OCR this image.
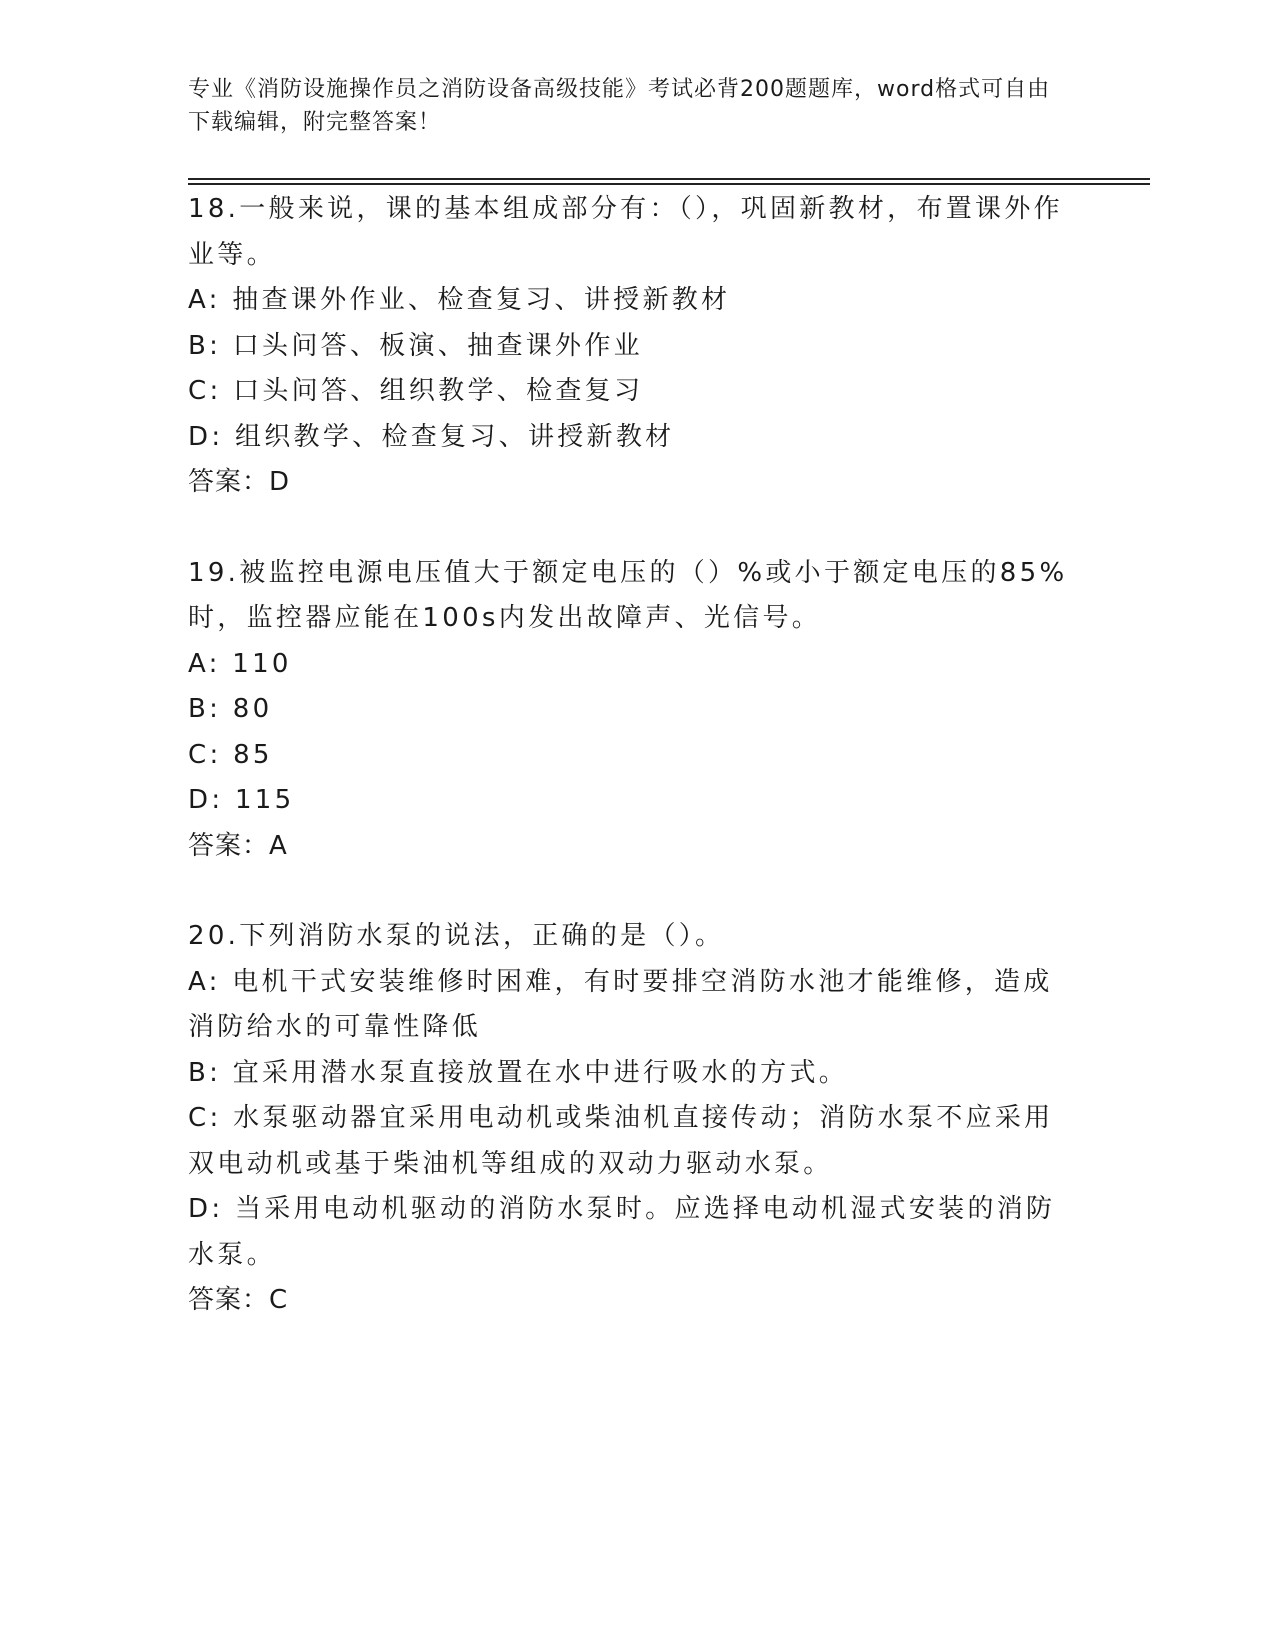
专业《消防设施操作员之消防设备高级技能》考试必背200题题库，word格式可自由下载编辑，附完整答案！

18.一般来说，课的基本组成部分有：（），巩固新教材，布置课外作业等。

A: 抽查课外作业、检查复习、讲授新教材

B: 口头问答、板演、抽查课外作业

C: 口头问答、组织教学、检查复习

D: 组织教学、检查复习、讲授新教材

答案：D

19.被监控电源电压值大于额定电压的（）%或小于额定电压的85%时，监控器应能在100s内发出故障声、光信号。

A: 110

B: 80

C: 85

D: 115

答案：A

20.下列消防水泵的说法，正确的是（）。

A: 电机干式安装维修时困难，有时要排空消防水池才能维修，造成消防给水的可靠性降低

B: 宜采用潜水泵直接放置在水中进行吸水的方式。

C: 水泵驱动器宜采用电动机或柴油机直接传动；消防水泵不应采用双电动机或基于柴油机等组成的双动力驱动水泵。

D: 当采用电动机驱动的消防水泵时。应选择电动机湿式安装的消防水泵。

答案：C
